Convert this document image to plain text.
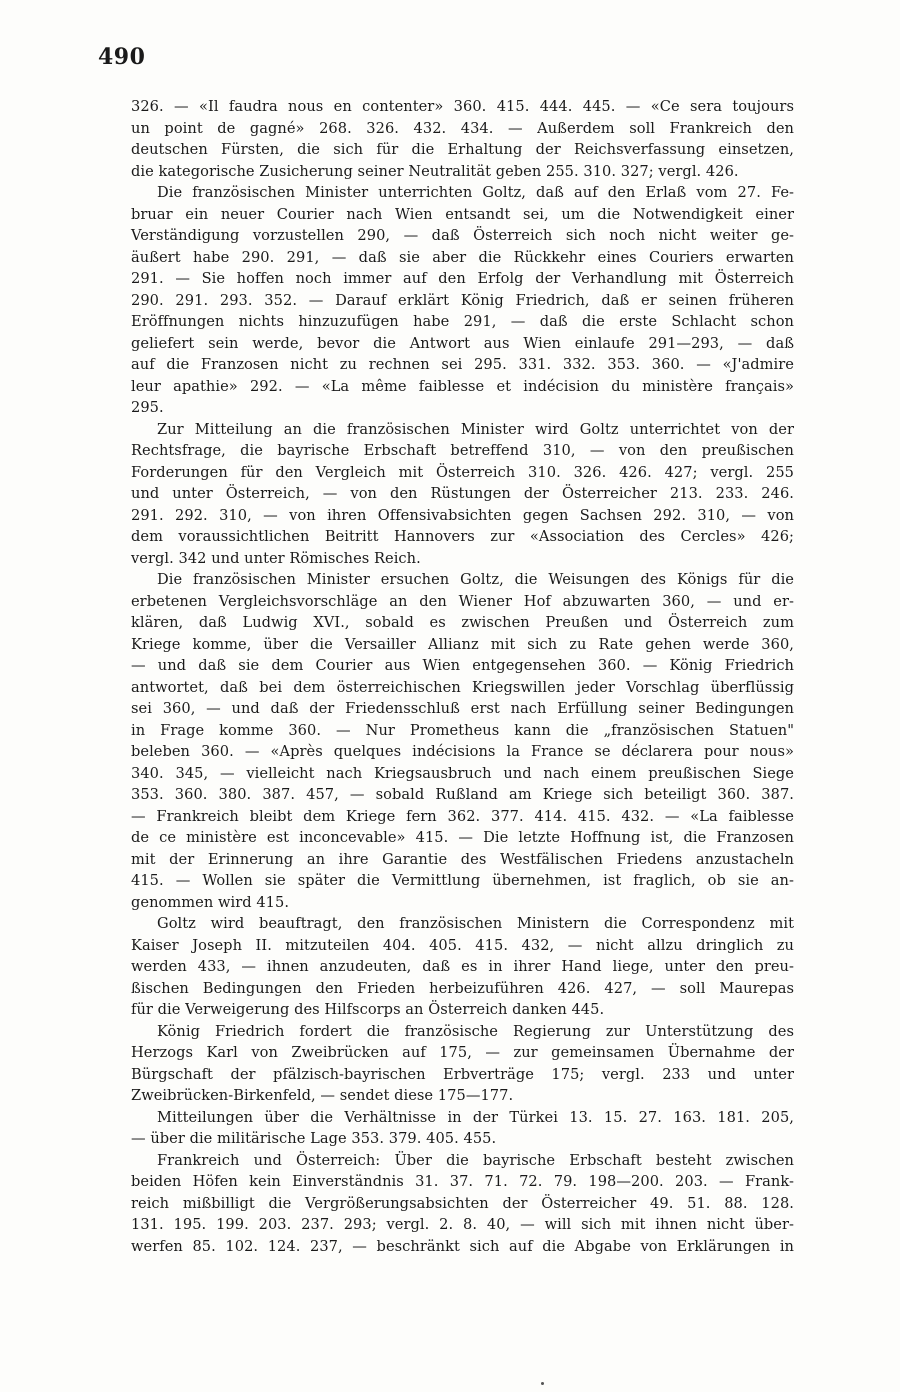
490
326. — «Il faudra nous en contenter» 360. 415. 444. 445. — «Ce sera toujours
un point de gagné» 268. 326. 432. 434. — Außerdem soll Frankreich den
deutschen Fürsten, die sich für die Erhaltung der Reichsverfassung einsetzen,
die kategorische Zusicherung seiner Neutralität geben 255. 310. 327; vergl. 426.
Die französischen Minister unterrichten Goltz, daß auf den Erlaß vom 27. Fe-
bruar ein neuer Courier nach Wien entsandt sei, um die Notwendigkeit einer
Verständigung vorzustellen 290, — daß Österreich sich noch nicht weiter ge-
äußert habe 290. 291, — daß sie aber die Rückkehr eines Couriers erwarten
291. — Sie hoffen noch immer auf den Erfolg der Verhandlung mit Österreich
290. 291. 293. 352. — Darauf erklärt König Friedrich, daß er seinen früheren
Eröffnungen nichts hinzuzufügen habe 291, — daß die erste Schlacht schon
geliefert sein werde, bevor die Antwort aus Wien einlaufe 291—293, — daß
auf die Franzosen nicht zu rechnen sei 295. 331. 332. 353. 360. — «J'admire
leur apathie» 292. — «La même faiblesse et indécision du ministère français»
295.
Zur Mitteilung an die französischen Minister wird Goltz unterrichtet von der
Rechtsfrage, die bayrische Erbschaft betreffend 310, — von den preußischen
Forderungen für den Vergleich mit Österreich 310. 326. 426. 427; vergl. 255
und unter Österreich, — von den Rüstungen der Österreicher 213. 233. 246.
291. 292. 310, — von ihren Offensivabsichten gegen Sachsen 292. 310, — von
dem voraussichtlichen Beitritt Hannovers zur «Association des Cercles» 426;
vergl. 342 und unter Römisches Reich.
Die französischen Minister ersuchen Goltz, die Weisungen des Königs für die
erbetenen Vergleichsvorschläge an den Wiener Hof abzuwarten 360, — und er-
klären, daß Ludwig XVI., sobald es zwischen Preußen und Österreich zum
Kriege komme, über die Versailler Allianz mit sich zu Rate gehen werde 360,
— und daß sie dem Courier aus Wien entgegensehen 360. — König Friedrich
antwortet, daß bei dem österreichischen Kriegswillen jeder Vorschlag überflüssig
sei 360, — und daß der Friedensschluß erst nach Erfüllung seiner Bedingungen
in Frage komme 360. — Nur Prometheus kann die „französischen Statuen"
beleben 360. — «Après quelques indécisions la France se déclarera pour nous»
340. 345, — vielleicht nach Kriegsausbruch und nach einem preußischen Siege
353. 360. 380. 387. 457, — sobald Rußland am Kriege sich beteiligt 360. 387.
— Frankreich bleibt dem Kriege fern 362. 377. 414. 415. 432. — «La faiblesse
de ce ministère est inconcevable» 415. — Die letzte Hoffnung ist, die Franzosen
mit der Erinnerung an ihre Garantie des Westfälischen Friedens anzustacheln
415. — Wollen sie später die Vermittlung übernehmen, ist fraglich, ob sie an-
genommen wird 415.
Goltz wird beauftragt, den französischen Ministern die Correspondenz mit
Kaiser Joseph II. mitzuteilen 404. 405. 415. 432, — nicht allzu dringlich zu
werden 433, — ihnen anzudeuten, daß es in ihrer Hand liege, unter den preu-
ßischen Bedingungen den Frieden herbeizuführen 426. 427, — soll Maurepas
für die Verweigerung des Hilfscorps an Österreich danken 445.
König Friedrich fordert die französische Regierung zur Unterstützung des
Herzogs Karl von Zweibrücken auf 175, — zur gemeinsamen Übernahme der
Bürgschaft der pfälzisch-bayrischen Erbverträge 175; vergl. 233 und unter
Zweibrücken-Birkenfeld, — sendet diese 175—177.
Mitteilungen über die Verhältnisse in der Türkei 13. 15. 27. 163. 181. 205,
— über die militärische Lage 353. 379. 405. 455.
Frankreich und Österreich: Über die bayrische Erbschaft besteht zwischen
beiden Höfen kein Einverständnis 31. 37. 71. 72. 79. 198—200. 203. — Frank-
reich mißbilligt die Vergrößerungsabsichten der Österreicher 49. 51. 88. 128.
131. 195. 199. 203. 237. 293; vergl. 2. 8. 40, — will sich mit ihnen nicht über-
werfen 85. 102. 124. 237, — beschränkt sich auf die Abgabe von Erklärungen in
